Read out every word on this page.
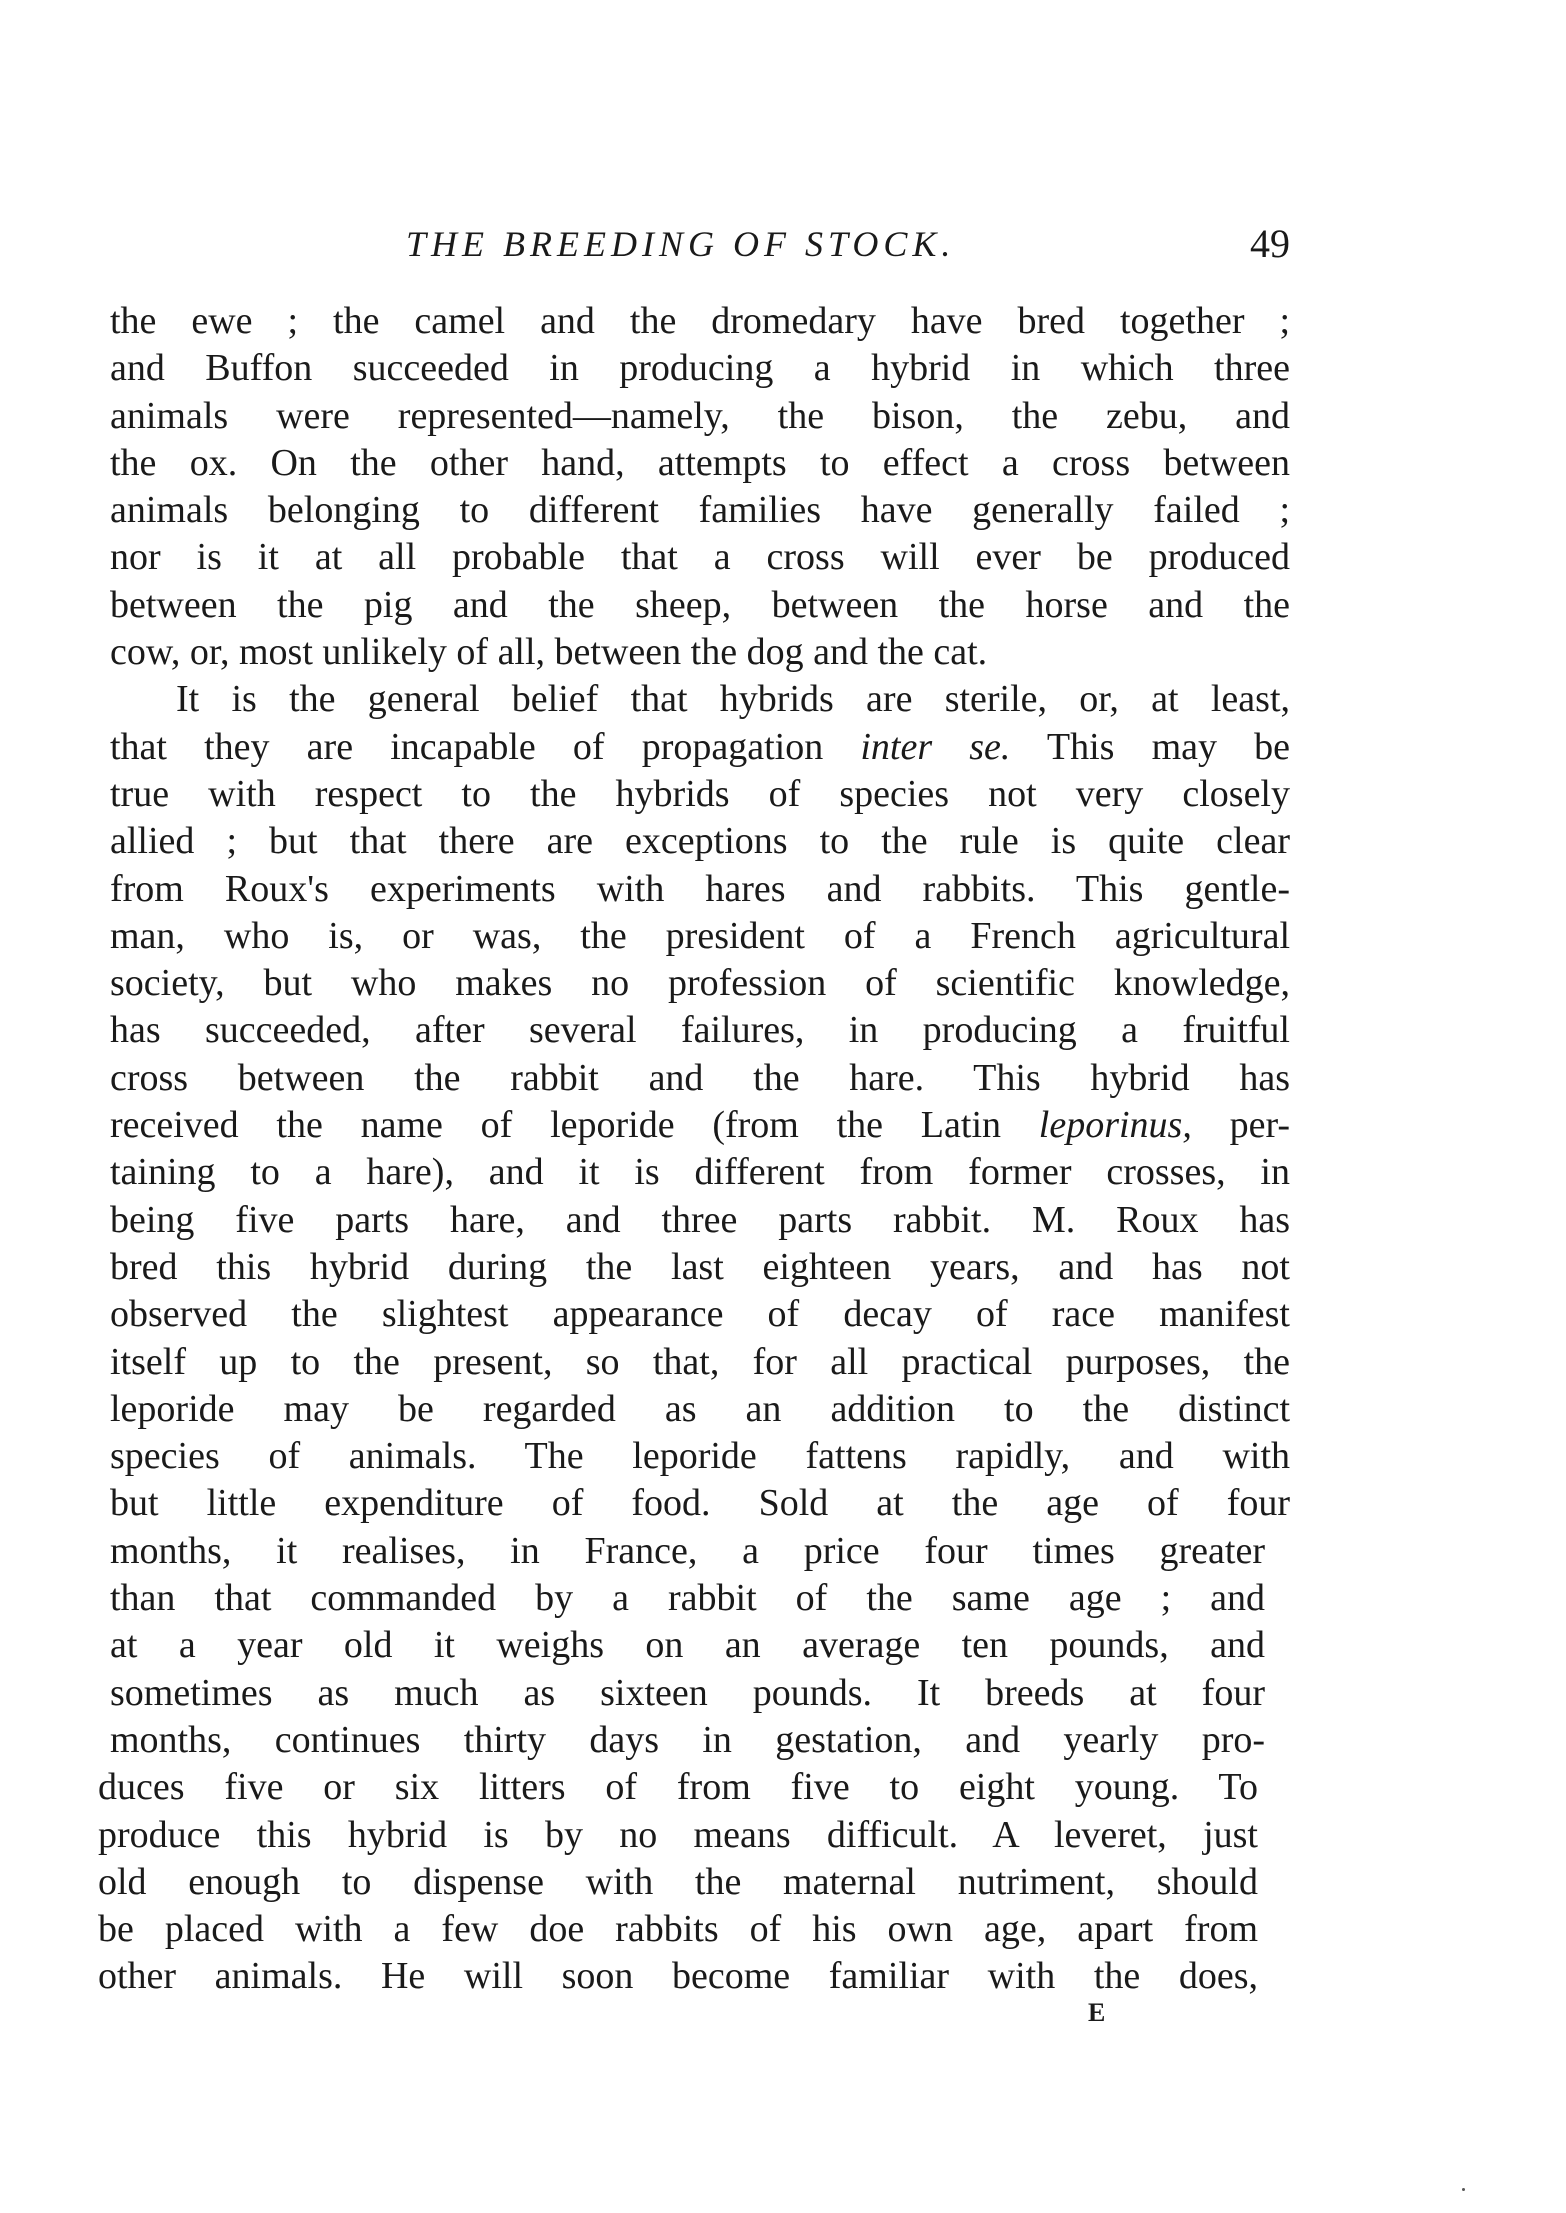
THE BREEDING OF STOCK.	49
the ewe ; the camel and the dromedary have bred together ;
and Buffon succeeded in producing a hybrid in which three
animals were represented—namely, the bison, the zebu, and
the ox. On the other hand, attempts to effect a cross between
animals belonging to different families have generally failed ;
nor is it at all probable that a cross will ever be produced
between the pig and the sheep, between the horse and the
cow, or, most unlikely of all, between the dog and the cat.
It is the general belief that hybrids are sterile, or, at least,
that they are incapable of propagation inter se. This may be
true with respect to the hybrids of species not very closely
allied ; but that there are exceptions to the rule is quite clear
from Roux's experiments with hares and rabbits. This gentle-
man, who is, or was, the president of a French agricultural
society, but who makes no profession of scientific knowledge,
has succeeded, after several failures, in producing a fruitful
cross between the rabbit and the hare. This hybrid has
received the name of leporide (from the Latin leporinus, per-
taining to a hare), and it is different from former crosses, in
being five parts hare, and three parts rabbit. M. Roux has
bred this hybrid during the last eighteen years, and has not
observed the slightest appearance of decay of race manifest
itself up to the present, so that, for all practical purposes, the
leporide may be regarded as an addition to the distinct
species of animals. The leporide fattens rapidly, and with
but little expenditure of food. Sold at the age of four
months, it realises, in France, a price four times greater
than that commanded by a rabbit of the same age ; and
at a year old it weighs on an average ten pounds, and
sometimes as much as sixteen pounds. It breeds at four
months, continues thirty days in gestation, and yearly pro-
duces five or six litters of from five to eight young. To
produce this hybrid is by no means difficult. A leveret, just
old enough to dispense with the maternal nutriment, should
be placed with a few doe rabbits of his own age, apart from
other animals. He will soon become familiar with the does,
E
